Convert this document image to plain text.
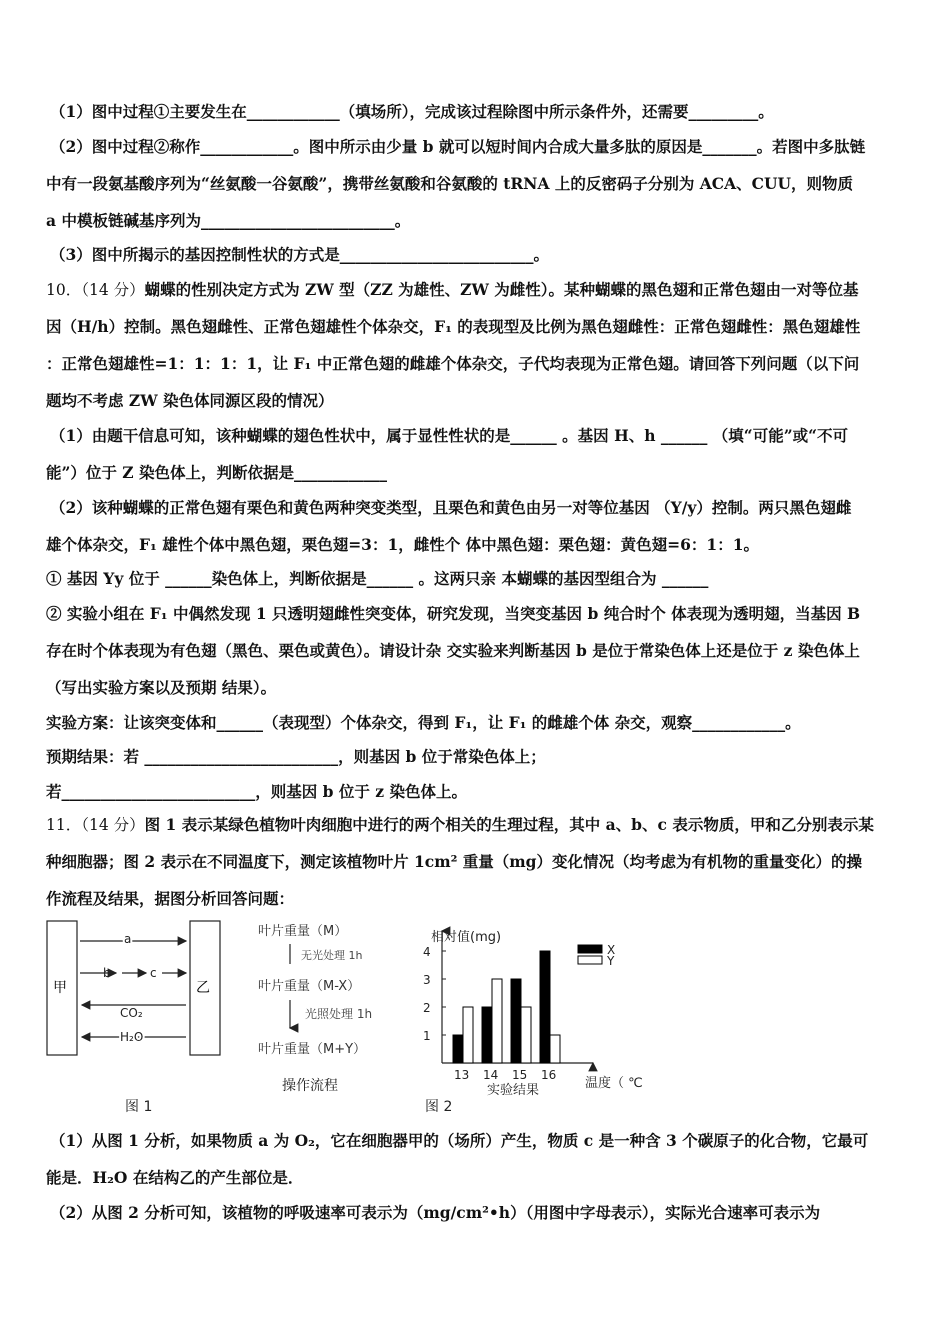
（1）图中过程①主要发生在____________（填场所），完成该过程除图中所示条件外，还需要_________。
（2）图中过程②称作____________。图中所示由少量 b 就可以短时间内合成大量多肽的原因是_______。若图中多肽链
中有一段氨基酸序列为“丝氨酸一谷氨酸”，携带丝氨酸和谷氨酸的 tRNA 上的反密码子分别为 ACA、CUU，则物质
a 中模板链碱基序列为_________________________。
（3）图中所揭示的基因控制性状的方式是_________________________。
10．（14 分）蝴蝶的性别决定方式为 ZW 型（ZZ 为雄性、ZW 为雌性）。某种蝴蝶的黑色翅和正常色翅由一对等位基
因（H/h）控制。黑色翅雌性、正常色翅雄性个体杂交，F₁ 的表现型及比例为黑色翅雌性：正常色翅雌性：黑色翅雄性
：正常色翅雄性=1：1：1：1，让 F₁ 中正常色翅的雌雄个体杂交，子代均表现为正常色翅。请回答下列问题（以下问
题均不考虑 ZW 染色体同源区段的情况）
（1）由题干信息可知，该种蝴蝶的翅色性状中，属于显性性状的是______ 。基因 H、h ______ （填“可能”或“不可
能”）位于 Z 染色体上，判断依据是____________
（2）该种蝴蝶的正常色翅有栗色和黄色两种突变类型，且栗色和黄色由另一对等位基因 （Y/y）控制。两只黑色翅雌
雄个体杂交，F₁ 雄性个体中黑色翅，栗色翅=3：1，雌性个 体中黑色翅：栗色翅：黄色翅=6：1：1。
① 基因 Yy 位于 ______染色体上，判断依据是______ 。这两只亲 本蝴蝶的基因型组合为 ______
② 实验小组在 F₁ 中偶然发现 1 只透明翅雌性突变体，研究发现，当突变基因 b 纯合时个 体表现为透明翅，当基因 B
存在时个体表现为有色翅（黑色、栗色或黄色）。请设计杂 交实验来判断基因 b 是位于常染色体上还是位于 z 染色体上
（写出实验方案以及预期 结果）。
实验方案：让该突变体和______（表现型）个体杂交，得到 F₁，让 F₁ 的雌雄个体 杂交，观察____________。
预期结果：若 _________________________，则基因 b 位于常染色体上；
若_________________________，则基因 b 位于 z 染色体上。
11．（14 分）图 1 表示某绿色植物叶肉细胞中进行的两个相关的生理过程，其中 a、b、c 表示物质，甲和乙分别表示某
种细胞器；图 2 表示在不同温度下，测定该植物叶片 1cm² 重量（mg）变化情况（均考虑为有机物的重量变化）的操
作流程及结果，据图分析回答问题：
甲	乙
a
b	c
CO₂
H₂O
图 1
叶片重量（M）
无光处理 1h
叶片重量（M-X）
光照处理 1h
叶片重量（M+Y）
操作流程
相对值(mg)
1
2
3
4
13 14 15 16
X
Y
温度（ ℃
图 2
实验结果
（1）从图 1 分析，如果物质 a 为 O₂，它在细胞器甲的（场所）产生，物质 c 是一种含 3 个碳原子的化合物，它最可
能是．H₂O 在结构乙的产生部位是．
（2）从图 2 分析可知，该植物的呼吸速率可表示为（mg/cm²•h）（用图中字母表示），实际光合速率可表示为
